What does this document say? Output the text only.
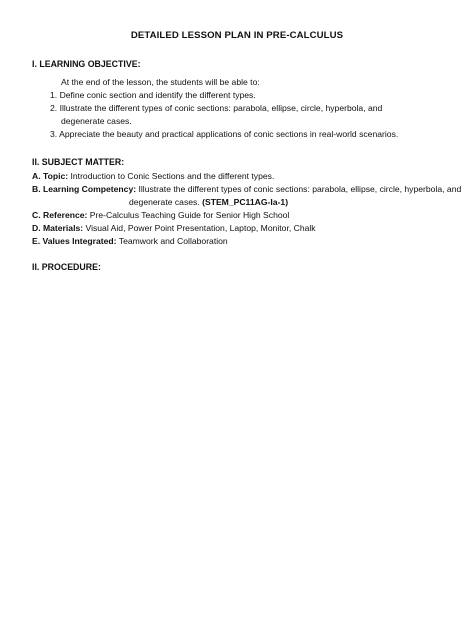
DETAILED LESSON PLAN IN PRE-CALCULUS
I. LEARNING OBJECTIVE:
At the end of the lesson, the students will be able to:
1. Define conic section and identify the different types.
2. Illustrate the different types of conic sections: parabola, ellipse, circle, hyperbola, and
degenerate cases.
3. Appreciate the beauty and practical applications of conic sections in real-world scenarios.
II. SUBJECT MATTER:
A. Topic: Introduction to Conic Sections and the different types.
B. Learning Competency: Illustrate the different types of conic sections: parabola, ellipse, circle, hyperbola, and
degenerate cases. (STEM_PC11AG-Ia-1)
C. Reference: Pre-Calculus Teaching Guide for Senior High School
D. Materials: Visual Aid, Power Point Presentation, Laptop, Monitor, Chalk
E. Values Integrated: Teamwork and Collaboration
II. PROCEDURE:
